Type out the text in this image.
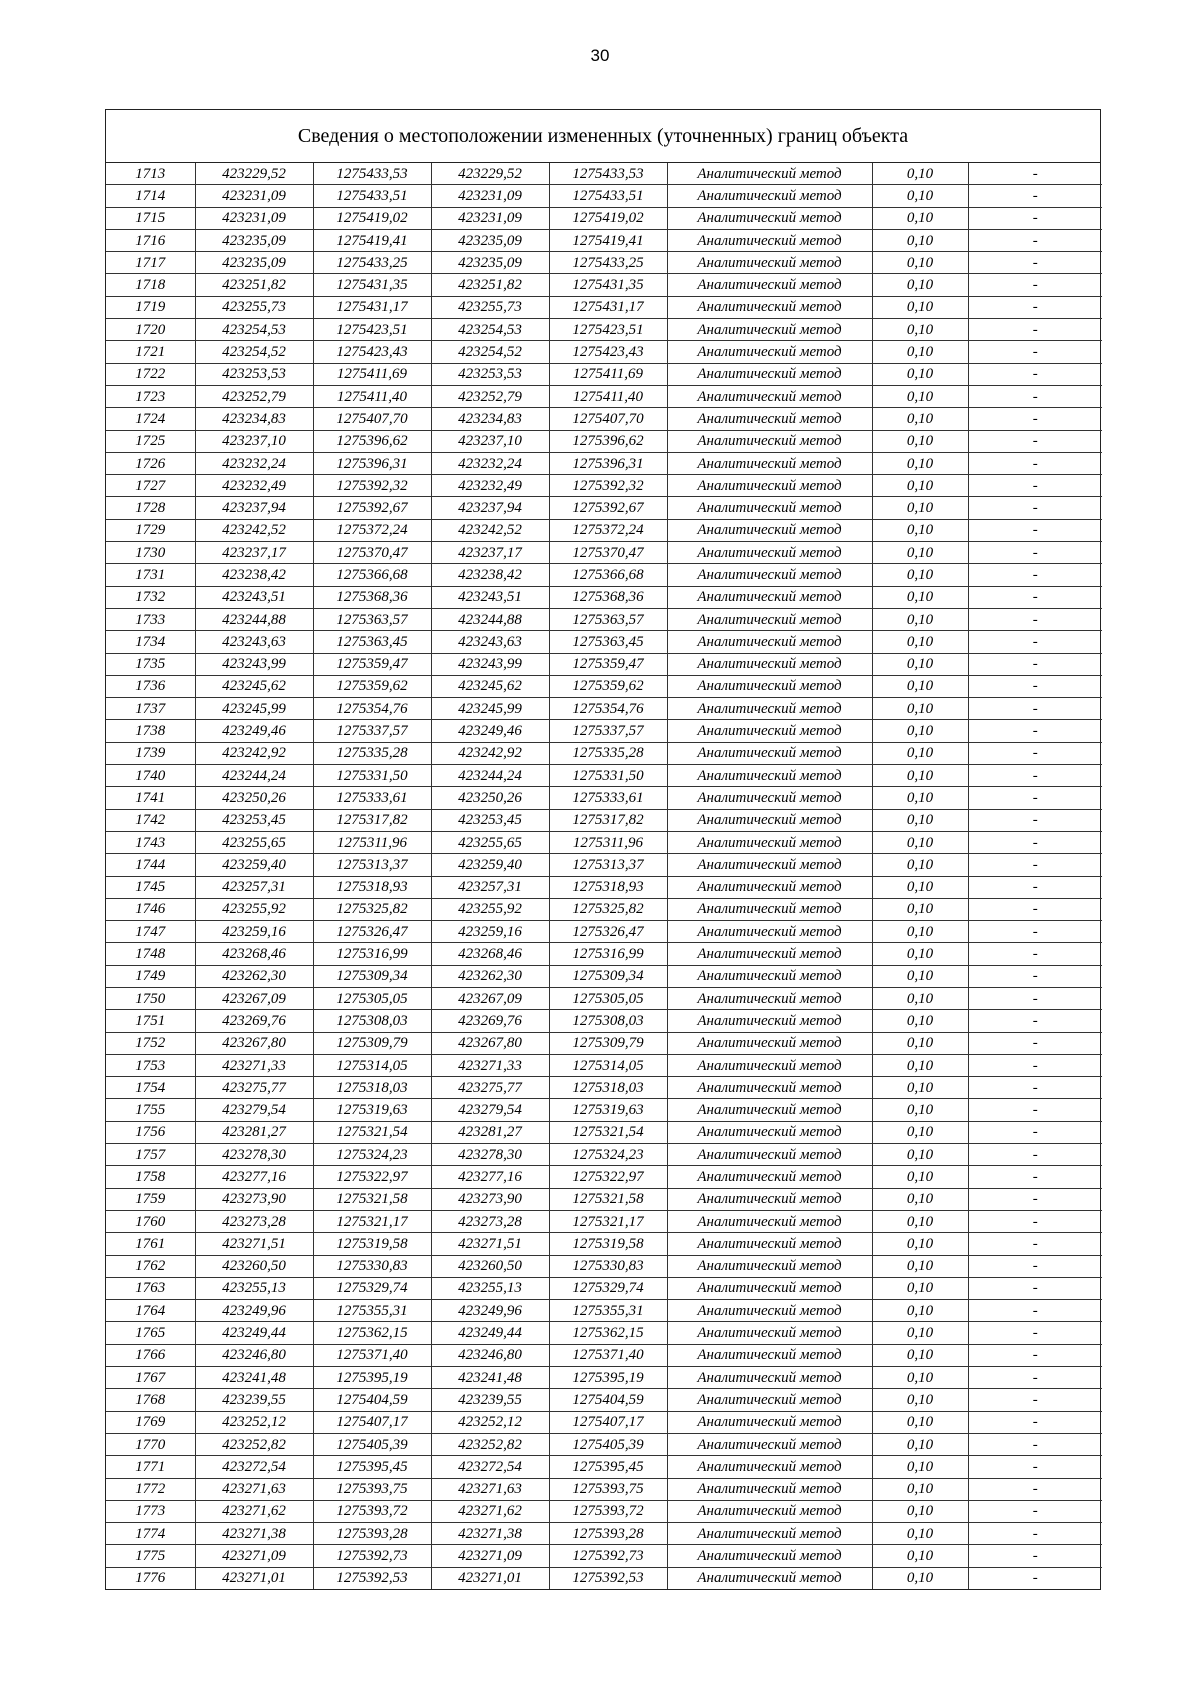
30
Сведения о местоположении измененных (уточненных) границ объекта
1713	423229,52	1275433,53	423229,52	1275433,53	Аналитический метод	0,10	-
1714	423231,09	1275433,51	423231,09	1275433,51	Аналитический метод	0,10	-
1715	423231,09	1275419,02	423231,09	1275419,02	Аналитический метод	0,10	-
1716	423235,09	1275419,41	423235,09	1275419,41	Аналитический метод	0,10	-
1717	423235,09	1275433,25	423235,09	1275433,25	Аналитический метод	0,10	-
1718	423251,82	1275431,35	423251,82	1275431,35	Аналитический метод	0,10	-
1719	423255,73	1275431,17	423255,73	1275431,17	Аналитический метод	0,10	-
1720	423254,53	1275423,51	423254,53	1275423,51	Аналитический метод	0,10	-
1721	423254,52	1275423,43	423254,52	1275423,43	Аналитический метод	0,10	-
1722	423253,53	1275411,69	423253,53	1275411,69	Аналитический метод	0,10	-
1723	423252,79	1275411,40	423252,79	1275411,40	Аналитический метод	0,10	-
1724	423234,83	1275407,70	423234,83	1275407,70	Аналитический метод	0,10	-
1725	423237,10	1275396,62	423237,10	1275396,62	Аналитический метод	0,10	-
1726	423232,24	1275396,31	423232,24	1275396,31	Аналитический метод	0,10	-
1727	423232,49	1275392,32	423232,49	1275392,32	Аналитический метод	0,10	-
1728	423237,94	1275392,67	423237,94	1275392,67	Аналитический метод	0,10	-
1729	423242,52	1275372,24	423242,52	1275372,24	Аналитический метод	0,10	-
1730	423237,17	1275370,47	423237,17	1275370,47	Аналитический метод	0,10	-
1731	423238,42	1275366,68	423238,42	1275366,68	Аналитический метод	0,10	-
1732	423243,51	1275368,36	423243,51	1275368,36	Аналитический метод	0,10	-
1733	423244,88	1275363,57	423244,88	1275363,57	Аналитический метод	0,10	-
1734	423243,63	1275363,45	423243,63	1275363,45	Аналитический метод	0,10	-
1735	423243,99	1275359,47	423243,99	1275359,47	Аналитический метод	0,10	-
1736	423245,62	1275359,62	423245,62	1275359,62	Аналитический метод	0,10	-
1737	423245,99	1275354,76	423245,99	1275354,76	Аналитический метод	0,10	-
1738	423249,46	1275337,57	423249,46	1275337,57	Аналитический метод	0,10	-
1739	423242,92	1275335,28	423242,92	1275335,28	Аналитический метод	0,10	-
1740	423244,24	1275331,50	423244,24	1275331,50	Аналитический метод	0,10	-
1741	423250,26	1275333,61	423250,26	1275333,61	Аналитический метод	0,10	-
1742	423253,45	1275317,82	423253,45	1275317,82	Аналитический метод	0,10	-
1743	423255,65	1275311,96	423255,65	1275311,96	Аналитический метод	0,10	-
1744	423259,40	1275313,37	423259,40	1275313,37	Аналитический метод	0,10	-
1745	423257,31	1275318,93	423257,31	1275318,93	Аналитический метод	0,10	-
1746	423255,92	1275325,82	423255,92	1275325,82	Аналитический метод	0,10	-
1747	423259,16	1275326,47	423259,16	1275326,47	Аналитический метод	0,10	-
1748	423268,46	1275316,99	423268,46	1275316,99	Аналитический метод	0,10	-
1749	423262,30	1275309,34	423262,30	1275309,34	Аналитический метод	0,10	-
1750	423267,09	1275305,05	423267,09	1275305,05	Аналитический метод	0,10	-
1751	423269,76	1275308,03	423269,76	1275308,03	Аналитический метод	0,10	-
1752	423267,80	1275309,79	423267,80	1275309,79	Аналитический метод	0,10	-
1753	423271,33	1275314,05	423271,33	1275314,05	Аналитический метод	0,10	-
1754	423275,77	1275318,03	423275,77	1275318,03	Аналитический метод	0,10	-
1755	423279,54	1275319,63	423279,54	1275319,63	Аналитический метод	0,10	-
1756	423281,27	1275321,54	423281,27	1275321,54	Аналитический метод	0,10	-
1757	423278,30	1275324,23	423278,30	1275324,23	Аналитический метод	0,10	-
1758	423277,16	1275322,97	423277,16	1275322,97	Аналитический метод	0,10	-
1759	423273,90	1275321,58	423273,90	1275321,58	Аналитический метод	0,10	-
1760	423273,28	1275321,17	423273,28	1275321,17	Аналитический метод	0,10	-
1761	423271,51	1275319,58	423271,51	1275319,58	Аналитический метод	0,10	-
1762	423260,50	1275330,83	423260,50	1275330,83	Аналитический метод	0,10	-
1763	423255,13	1275329,74	423255,13	1275329,74	Аналитический метод	0,10	-
1764	423249,96	1275355,31	423249,96	1275355,31	Аналитический метод	0,10	-
1765	423249,44	1275362,15	423249,44	1275362,15	Аналитический метод	0,10	-
1766	423246,80	1275371,40	423246,80	1275371,40	Аналитический метод	0,10	-
1767	423241,48	1275395,19	423241,48	1275395,19	Аналитический метод	0,10	-
1768	423239,55	1275404,59	423239,55	1275404,59	Аналитический метод	0,10	-
1769	423252,12	1275407,17	423252,12	1275407,17	Аналитический метод	0,10	-
1770	423252,82	1275405,39	423252,82	1275405,39	Аналитический метод	0,10	-
1771	423272,54	1275395,45	423272,54	1275395,45	Аналитический метод	0,10	-
1772	423271,63	1275393,75	423271,63	1275393,75	Аналитический метод	0,10	-
1773	423271,62	1275393,72	423271,62	1275393,72	Аналитический метод	0,10	-
1774	423271,38	1275393,28	423271,38	1275393,28	Аналитический метод	0,10	-
1775	423271,09	1275392,73	423271,09	1275392,73	Аналитический метод	0,10	-
1776	423271,01	1275392,53	423271,01	1275392,53	Аналитический метод	0,10	-
